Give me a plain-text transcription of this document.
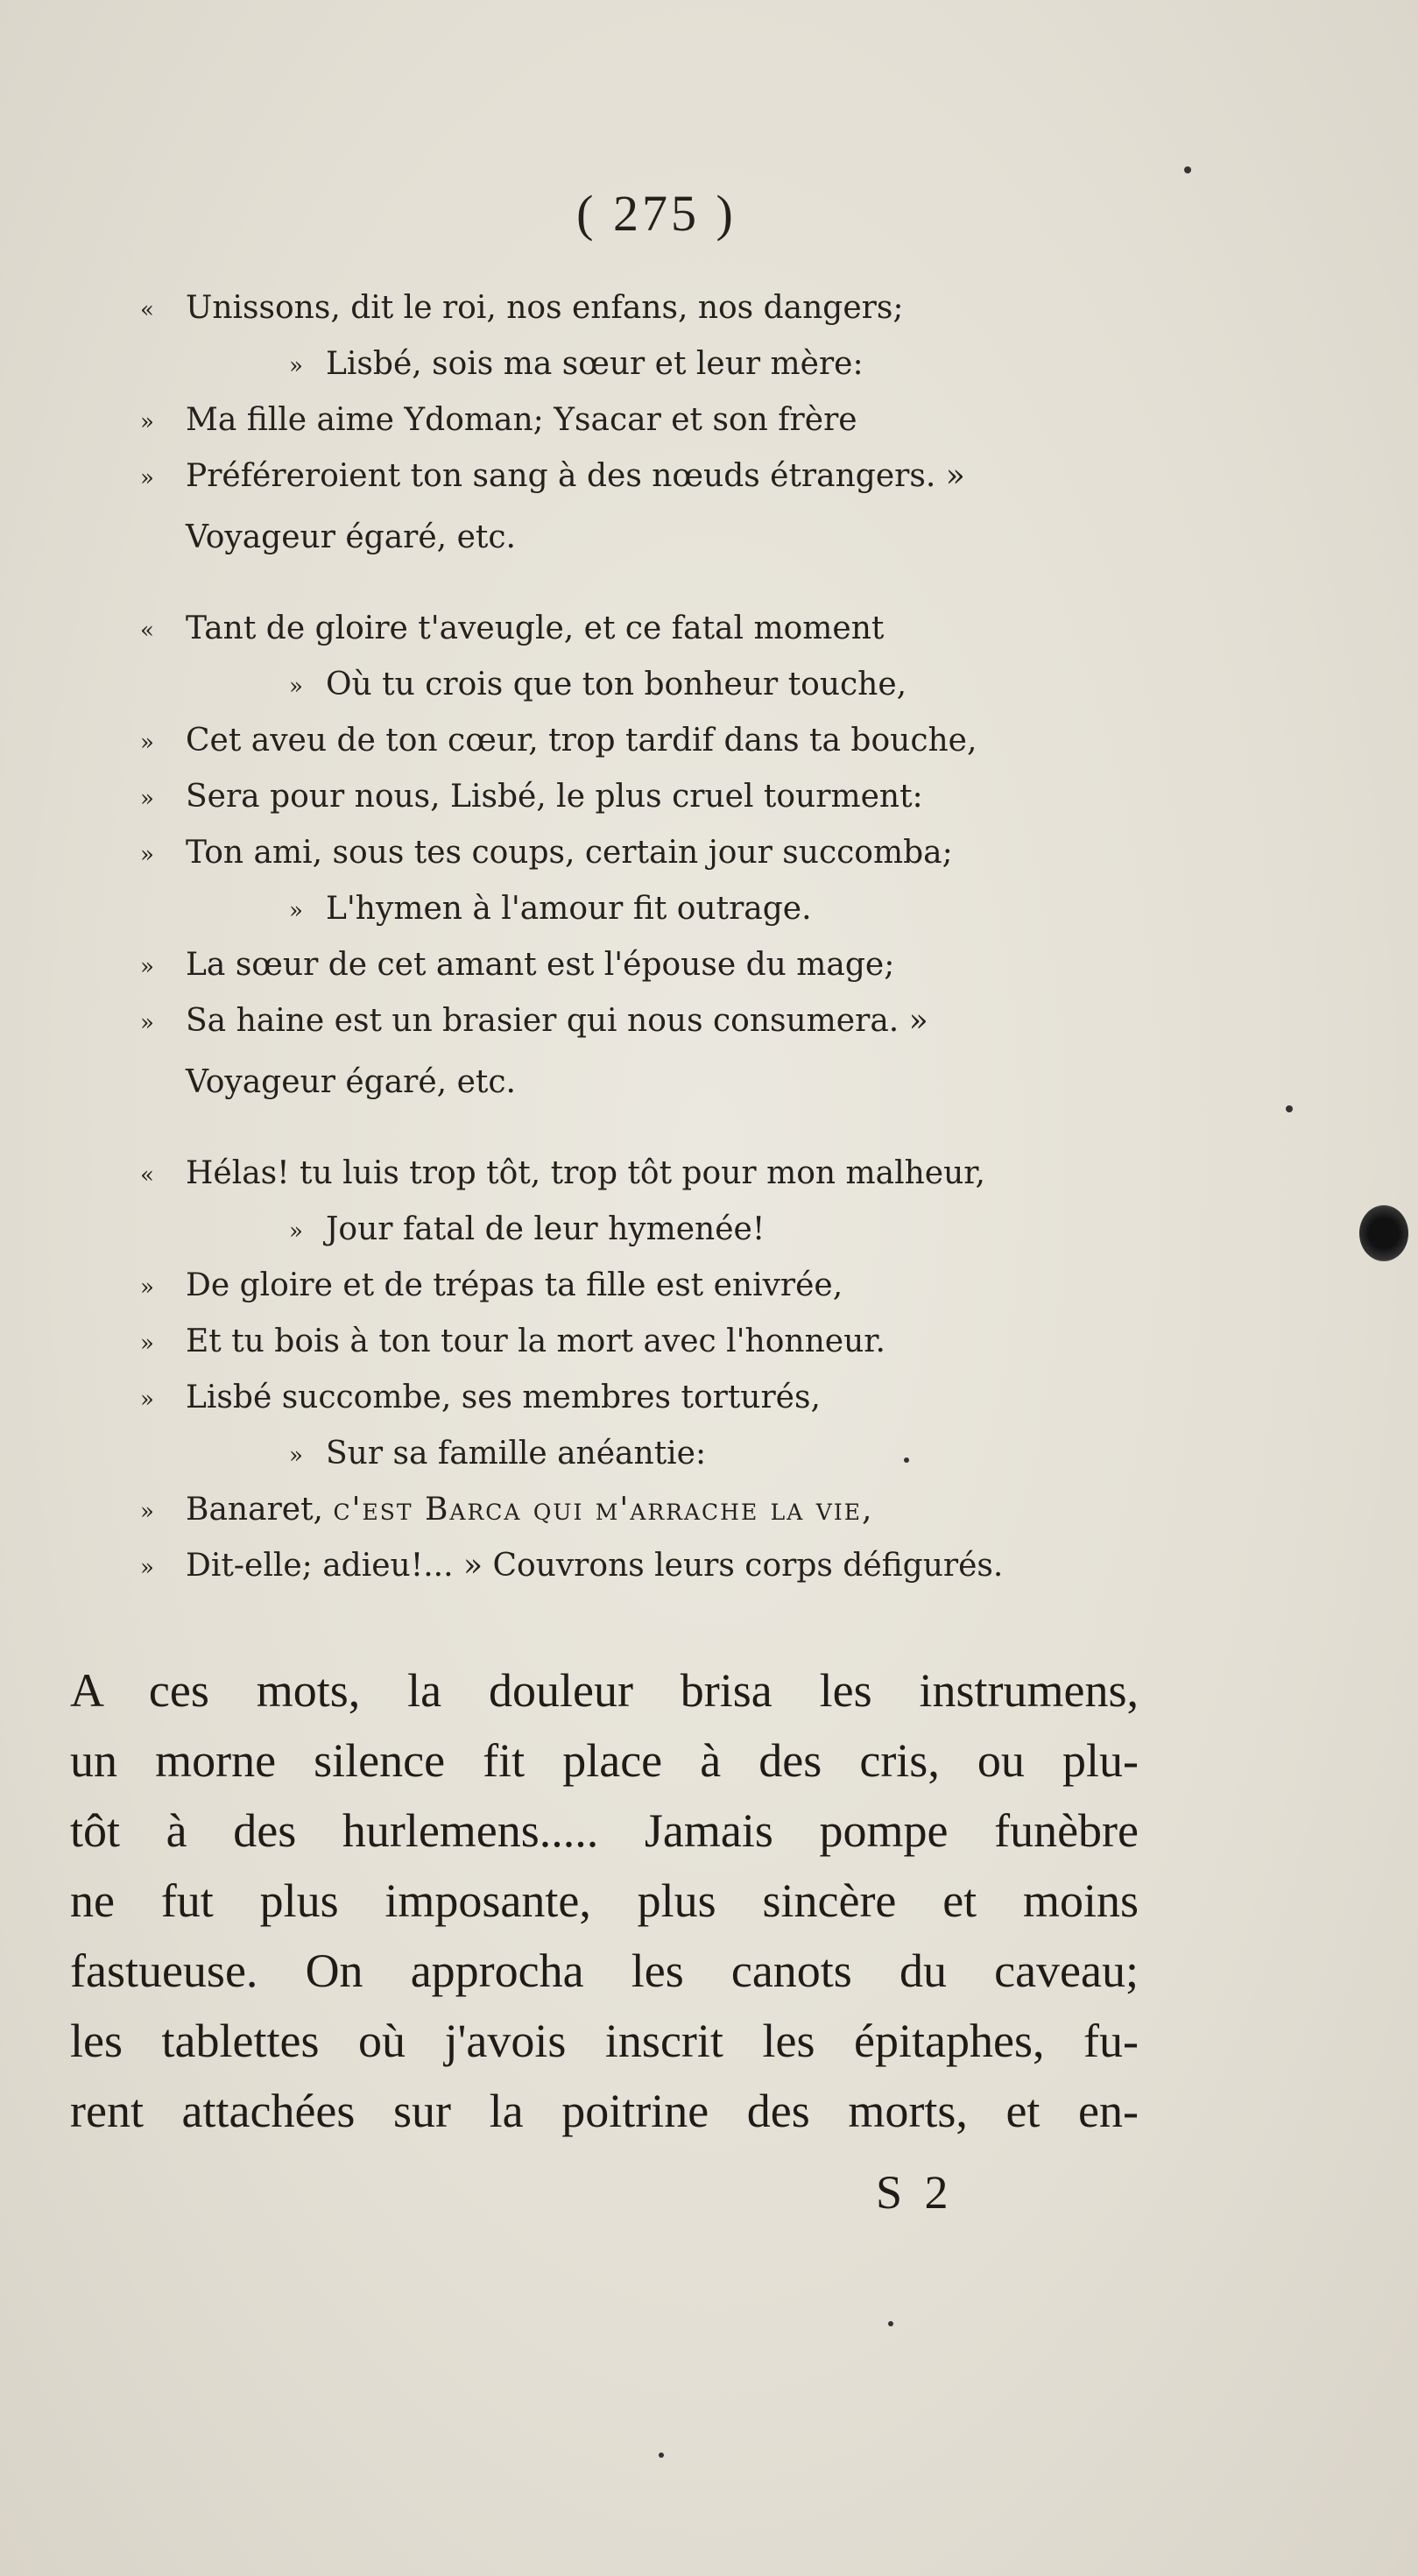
( 275 )
« Unissons, dit le roi, nos enfans, nos dangers;
» Lisbé, sois ma sœur et leur mère:
» Ma fille aime Ydoman; Ysacar et son frère
» Préféreroient ton sang à des nœuds étrangers. »
Voyageur égaré, etc.
« Tant de gloire t'aveugle, et ce fatal moment
» Où tu crois que ton bonheur touche,
» Cet aveu de ton cœur, trop tardif dans ta bouche,
» Sera pour nous, Lisbé, le plus cruel tourment:
» Ton ami, sous tes coups, certain jour succomba;
» L'hymen à l'amour fit outrage.
» La sœur de cet amant est l'épouse du mage;
» Sa haine est un brasier qui nous consumera. »
Voyageur égaré, etc.
« Hélas! tu luis trop tôt, trop tôt pour mon malheur,
» Jour fatal de leur hymenée!
» De gloire et de trépas ta fille est enivrée,
» Et tu bois à ton tour la mort avec l'honneur.
» Lisbé succombe, ses membres torturés,
» Sur sa famille anéantie:
» Banaret, c'est Barca qui m'arrache la vie,
» Dit-elle; adieu!... » Couvrons leurs corps défigurés.
A ces mots, la douleur brisa les instrumens,
un morne silence fit place à des cris, ou plu-
tôt à des hurlemens..... Jamais pompe funèbre
ne fut plus imposante, plus sincère et moins
fastueuse. On approcha les canots du caveau;
les tablettes où j'avois inscrit les épitaphes, fu-
rent attachées sur la poitrine des morts, et en-
S 2
